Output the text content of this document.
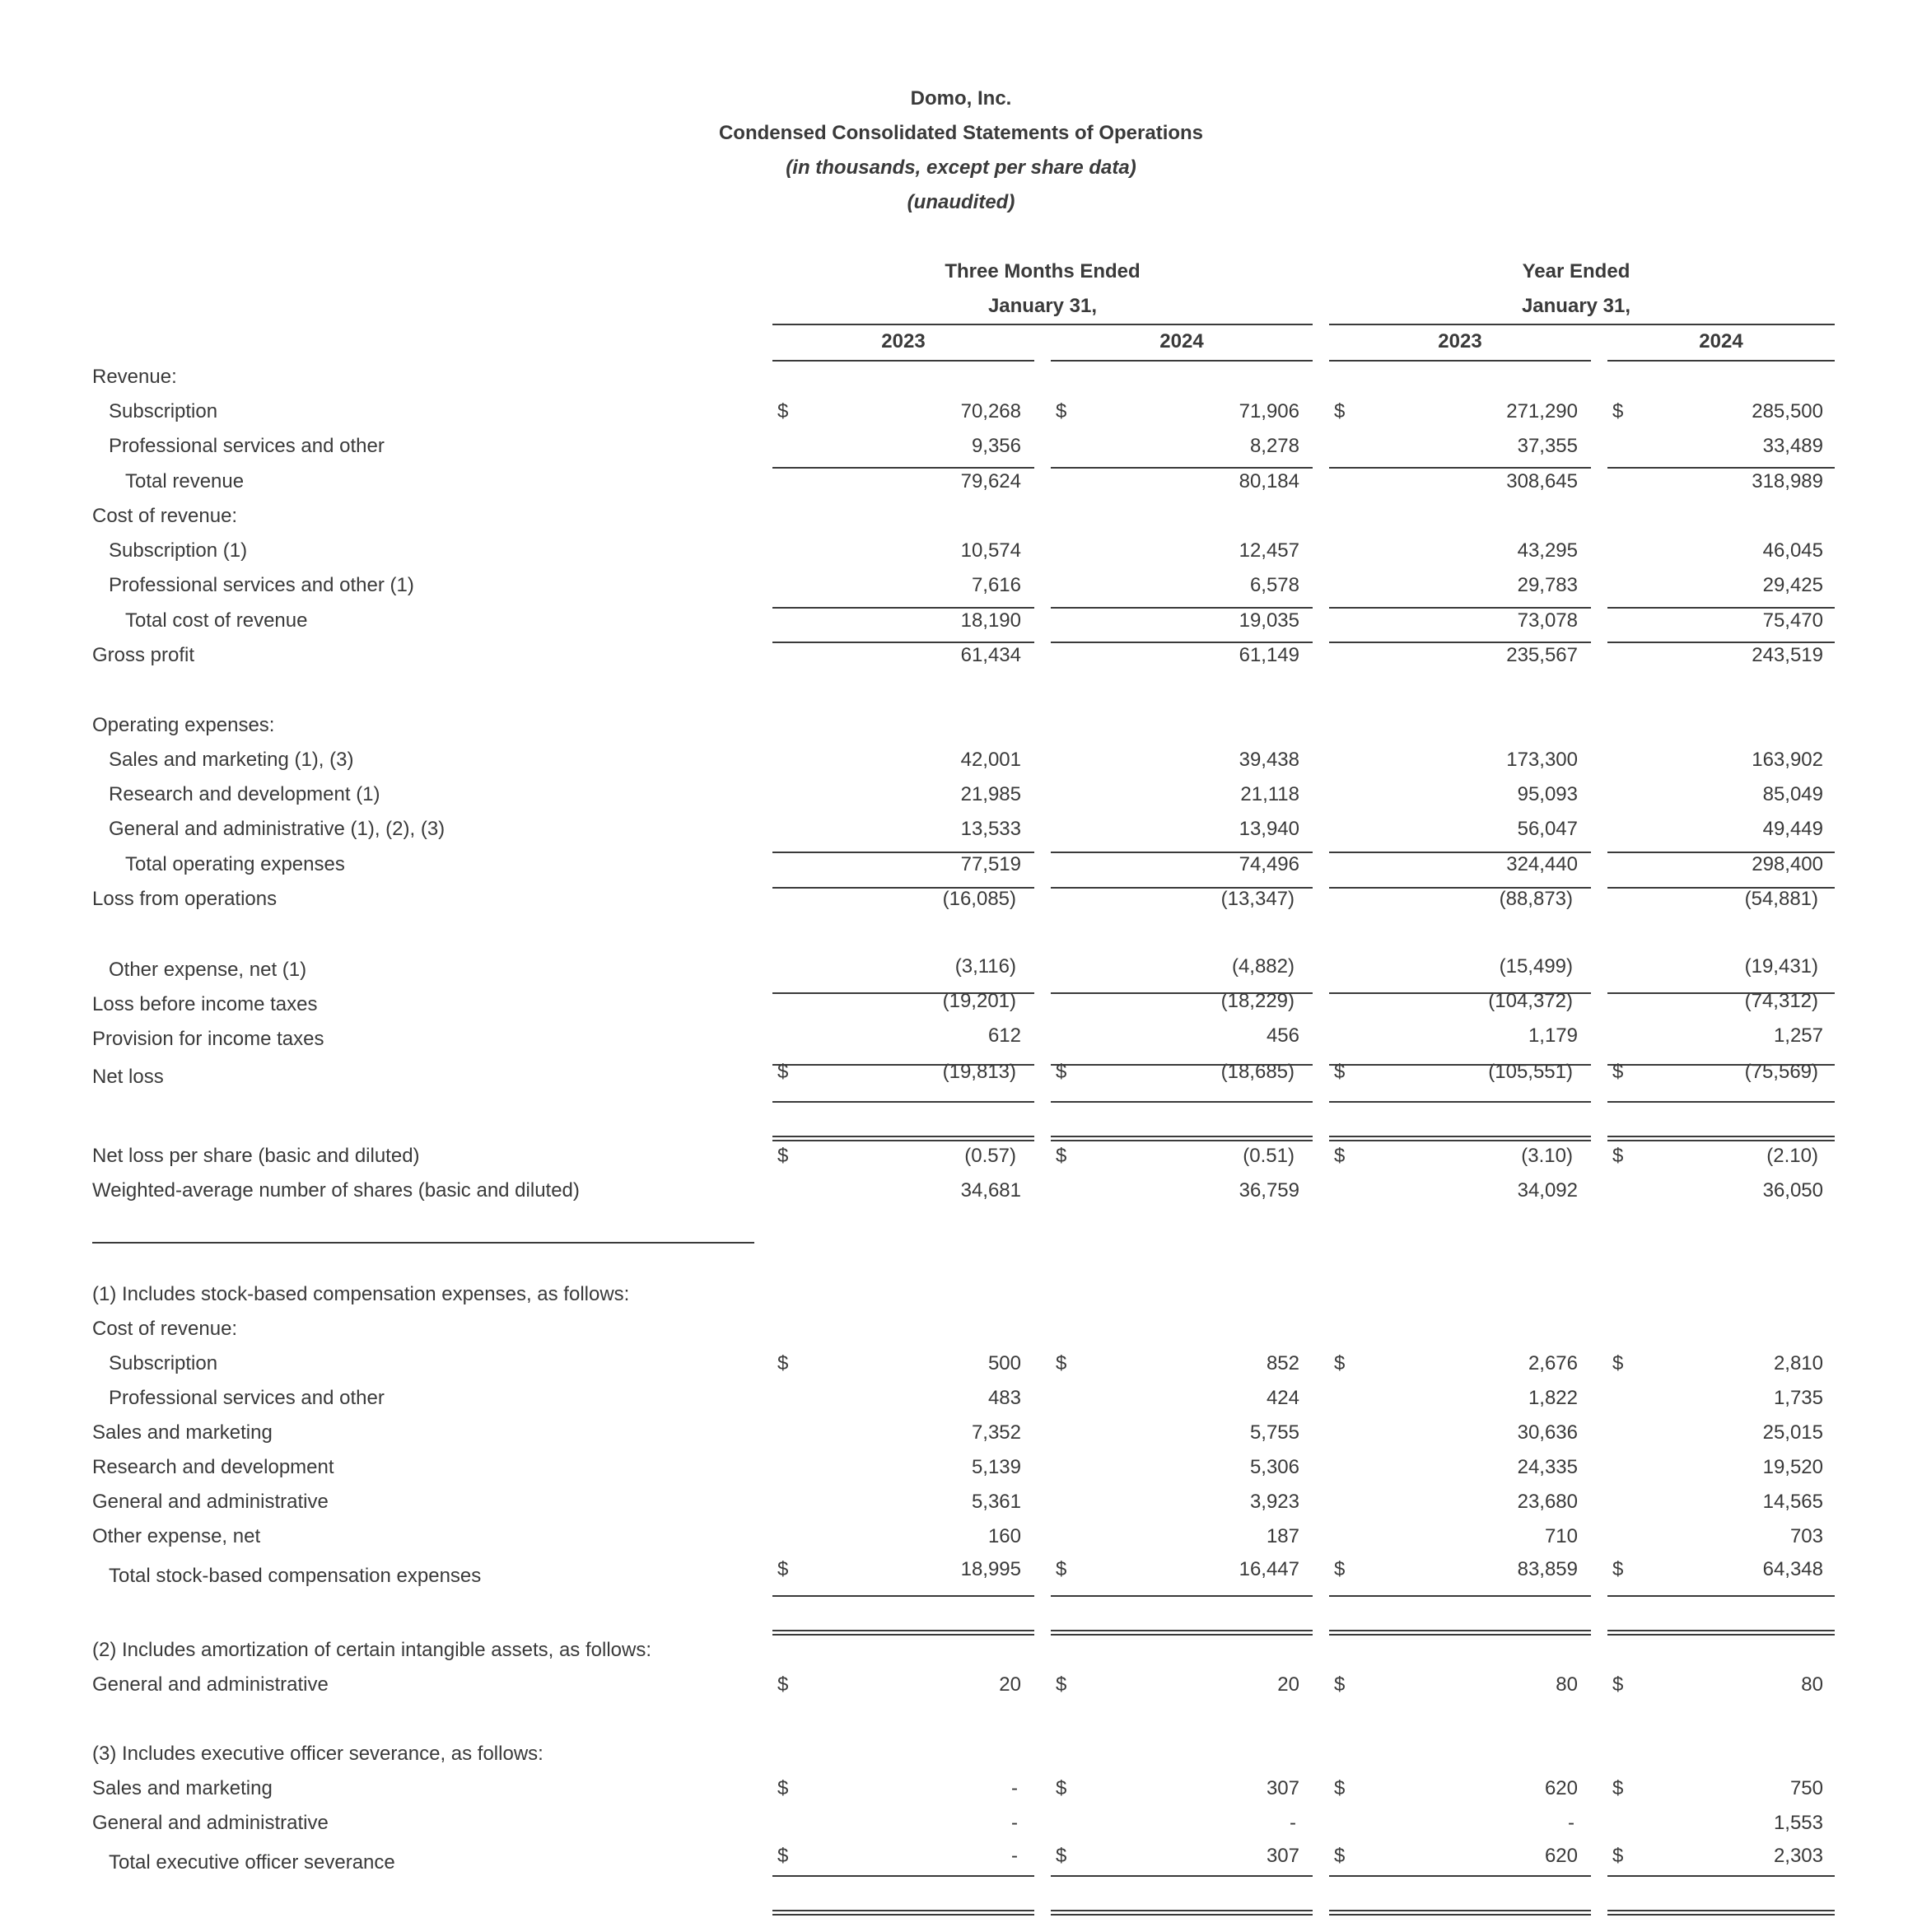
Domo, Inc.
Condensed Consolidated Statements of Operations
(in thousands, except per share data)
(unaudited)
Three Months Ended
January 31,
Year Ended
January 31,
2023	2024	2023	2024
Revenue:
Subscription	$	70,268 $	71,906 $	271,290 $	285,500
Professional services and other	9,356	8,278	37,355	33,489
Total revenue	79,624	80,184	308,645	318,989
Cost of revenue:
Subscription (1)	10,574	12,457	43,295	46,045
Professional services and other (1)	7,616	6,578	29,783	29,425
Total cost of revenue	18,190	19,035	73,078	75,470
Gross profit	61,434	61,149	235,567	243,519
Operating expenses:
Sales and marketing (1), (3)	42,001	39,438	173,300	163,902
Research and development (1)	21,985	21,118	95,093	85,049
General and administrative (1), (2), (3)	13,533	13,940	56,047	49,449
Total operating expenses	77,519	74,496	324,440	298,400
Loss from operations	(16,085)	(13,347)	(88,873)	(54,881)
Other expense, net (1)	(3,116)	(4,882)	(15,499)	(19,431)
Loss before income taxes	(19,201)	(18,229)	(104,372)	(74,312)
Provision for income taxes	612	456	1,179	1,257
Net loss	$	(19,813) $	(18,685) $	(105,551) $	(75,569)
Net loss per share (basic and diluted)	$	(0.57) $	(0.51) $	(3.10) $	(2.10)
Weighted-average number of shares (basic and diluted)	34,681	36,759	34,092	36,050
(1) Includes stock-based compensation expenses, as follows:
Cost of revenue:
Subscription	$	500 $	852 $	2,676 $	2,810
Professional services and other	483	424	1,822	1,735
Sales and marketing	7,352	5,755	30,636	25,015
Research and development	5,139	5,306	24,335	19,520
General and administrative	5,361	3,923	23,680	14,565
Other expense, net	160	187	710	703
Total stock-based compensation expenses	$	18,995 $	16,447 $	83,859 $	64,348
(2) Includes amortization of certain intangible assets, as follows:
General and administrative	$	20 $	20 $	80 $	80
(3) Includes executive officer severance, as follows:
Sales and marketing	$	- $	307 $	620 $	750
General and administrative	-	-	-	1,553
Total executive officer severance	$	- $	307 $	620 $	2,303
